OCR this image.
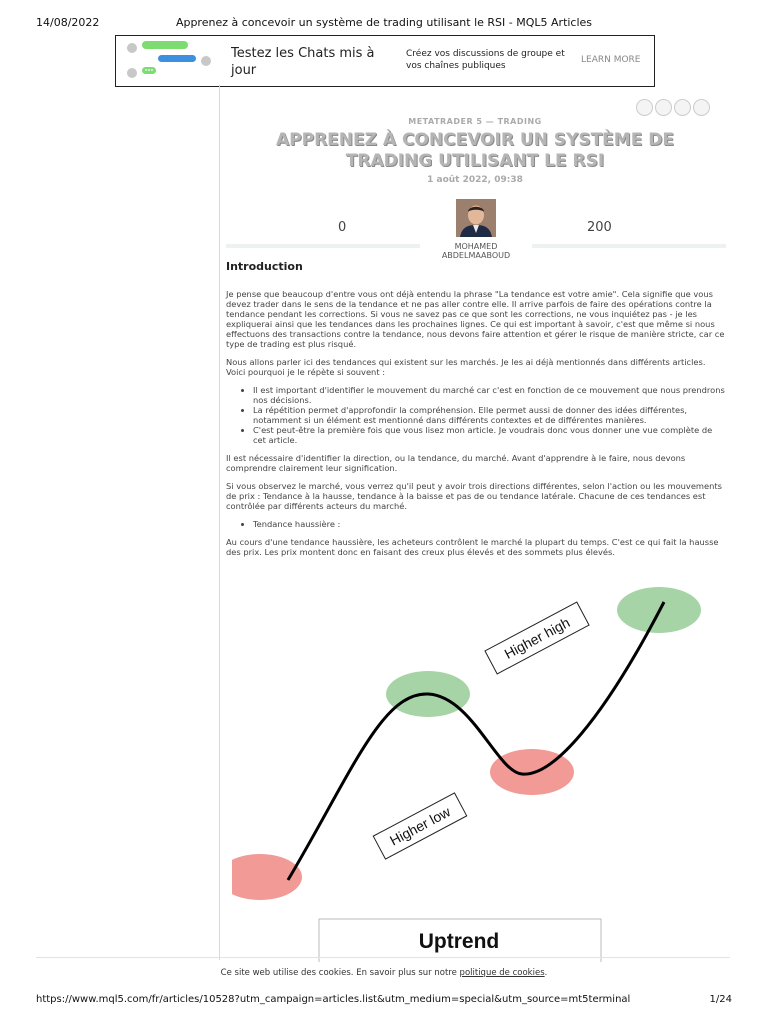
14/08/2022	Apprenez à concevoir un système de trading utilisant le RSI - MQL5 Articles
Testez les Chats mis à jour
Créez vos discussions de groupe et vos chaînes publiques
LEARN MORE
METATRADER 5 — TRADING
APPRENEZ À CONCEVOIR UN SYSTÈME DE TRADING UTILISANT LE RSI
1 août 2022, 09:38
0	200
MOHAMED ABDELMAABOUD
Introduction

Je pense que beaucoup d'entre vous ont déjà entendu la phrase "La tendance est votre amie". Cela signifie que vous devez trader dans le sens de la tendance et ne pas aller contre elle. Il arrive parfois de faire des opérations contre la tendance pendant les corrections. Si vous ne savez pas ce que sont les corrections, ne vous inquiétez pas - je les expliquerai ainsi que les tendances dans les prochaines lignes. Ce qui est important à savoir, c'est que même si nous effectuons des transactions contre la tendance, nous devons faire attention et gérer le risque de manière stricte, car ce type de trading est plus risqué.

Nous allons parler ici des tendances qui existent sur les marchés. Je les ai déjà mentionnés dans différents articles. Voici pourquoi je le répète si souvent :

• Il est important d'identifier le mouvement du marché car c'est en fonction de ce mouvement que nous prendrons nos décisions.
• La répétition permet d'approfondir la compréhension. Elle permet aussi de donner des idées différentes, notamment si un élément est mentionné dans différents contextes et de différentes manières.
• C'est peut-être la première fois que vous lisez mon article. Je voudrais donc vous donner une vue complète de cet article.

Il est nécessaire d'identifier la direction, ou la tendance, du marché. Avant d'apprendre à le faire, nous devons comprendre clairement leur signification.

Si vous observez le marché, vous verrez qu'il peut y avoir trois directions différentes, selon l'action ou les mouvements de prix : Tendance à la hausse, tendance à la baisse et pas de ou tendance latérale. Chacune de ces tendances est contrôlée par différents acteurs du marché.

• Tendance haussière :

Au cours d'une tendance haussière, les acheteurs contrôlent le marché la plupart du temps. C'est ce qui fait la hausse des prix. Les prix montent donc en faisant des creux plus élevés et des sommets plus élevés.

Higher high
Higher low
Uptrend
Ce site web utilise des cookies. En savoir plus sur notre politique de cookies.
https://www.mql5.com/fr/articles/10528?utm_campaign=articles.list&utm_medium=special&utm_source=mt5terminal	1/24
